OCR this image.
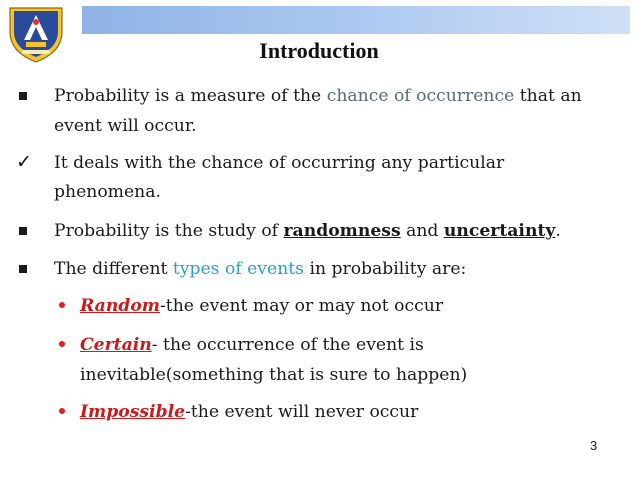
Introduction
Probability is a measure of the chance of occurrence that an
event will occur.
✓ It deals with the chance of occurring any particular
phenomena.
Probability is the study of randomness and uncertainty.
The different types of events in probability are:
Random-the event may or may not occur
Certain- the occurrence of the event is
inevitable(something that is sure to happen)
Impossible-the event will never occur
3
